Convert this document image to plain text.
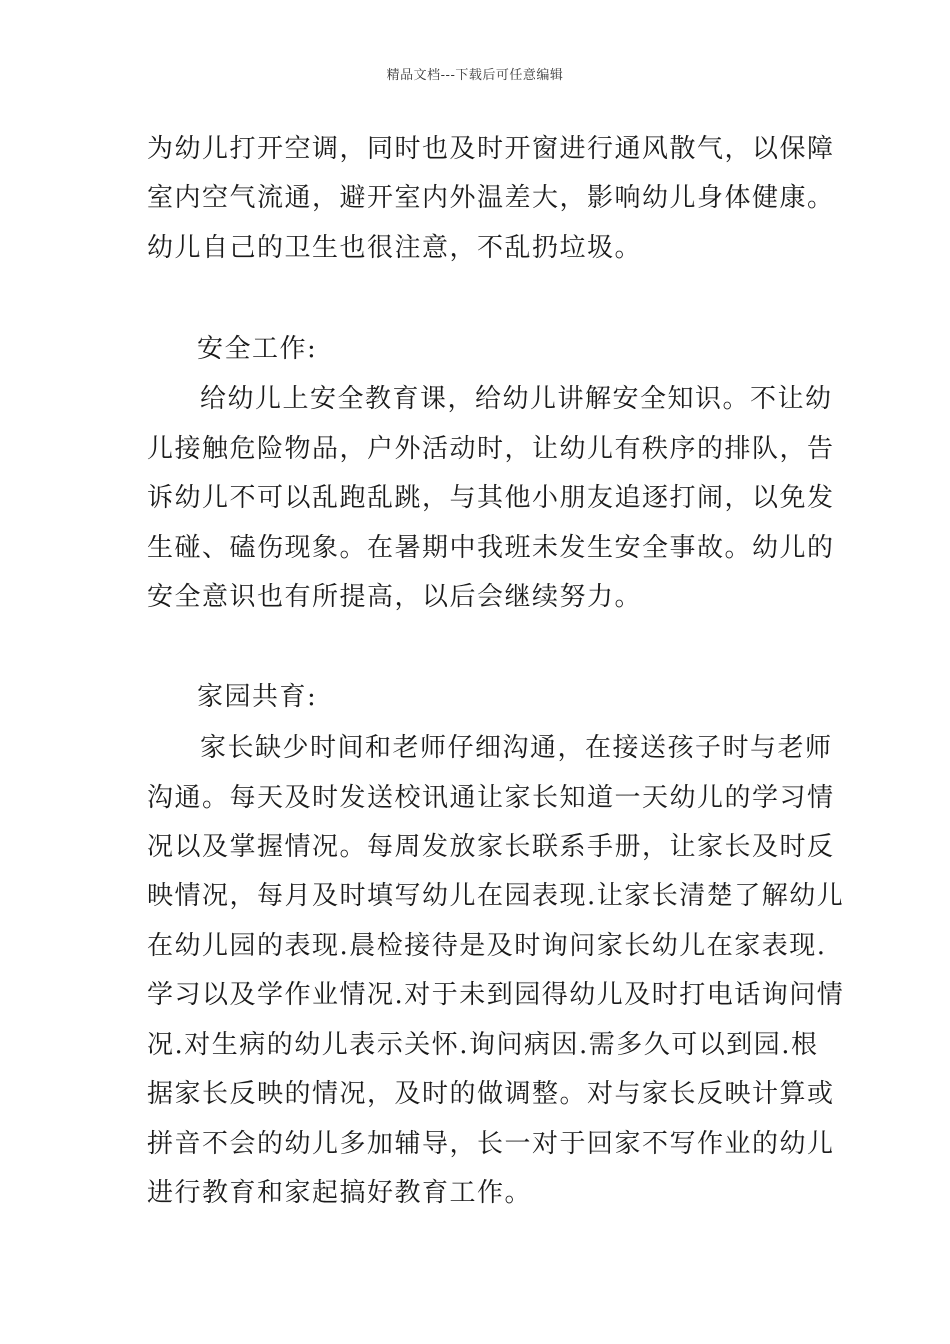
精品文档---下载后可任意编辑
为幼儿打开空调，同时也及时开窗进行通风散气，以保障
室内空气流通，避开室内外温差大，影响幼儿身体健康。
幼儿自己的卫生也很注意，不乱扔垃圾。
安全工作:
给幼儿上安全教育课，给幼儿讲解安全知识。不让幼
儿接触危险物品，户外活动时，让幼儿有秩序的排队，告
诉幼儿不可以乱跑乱跳，与其他小朋友追逐打闹，以免发
生碰、磕伤现象。在暑期中我班未发生安全事故。幼儿的
安全意识也有所提高，以后会继续努力。
家园共育:
家长缺少时间和老师仔细沟通，在接送孩子时与老师
沟通。每天及时发送校讯通让家长知道一天幼儿的学习情
况以及掌握情况。每周发放家长联系手册，让家长及时反
映情况，每月及时填写幼儿在园表现.让家长清楚了解幼儿
在幼儿园的表现.晨检接待是及时询问家长幼儿在家表现.
学习以及学作业情况.对于未到园得幼儿及时打电话询问情
况.对生病的幼儿表示关怀.询问病因.需多久可以到园.根
据家长反映的情况，及时的做调整。对与家长反映计算或
拼音不会的幼儿多加辅导，长一对于回家不写作业的幼儿
进行教育和家起搞好教育工作。
